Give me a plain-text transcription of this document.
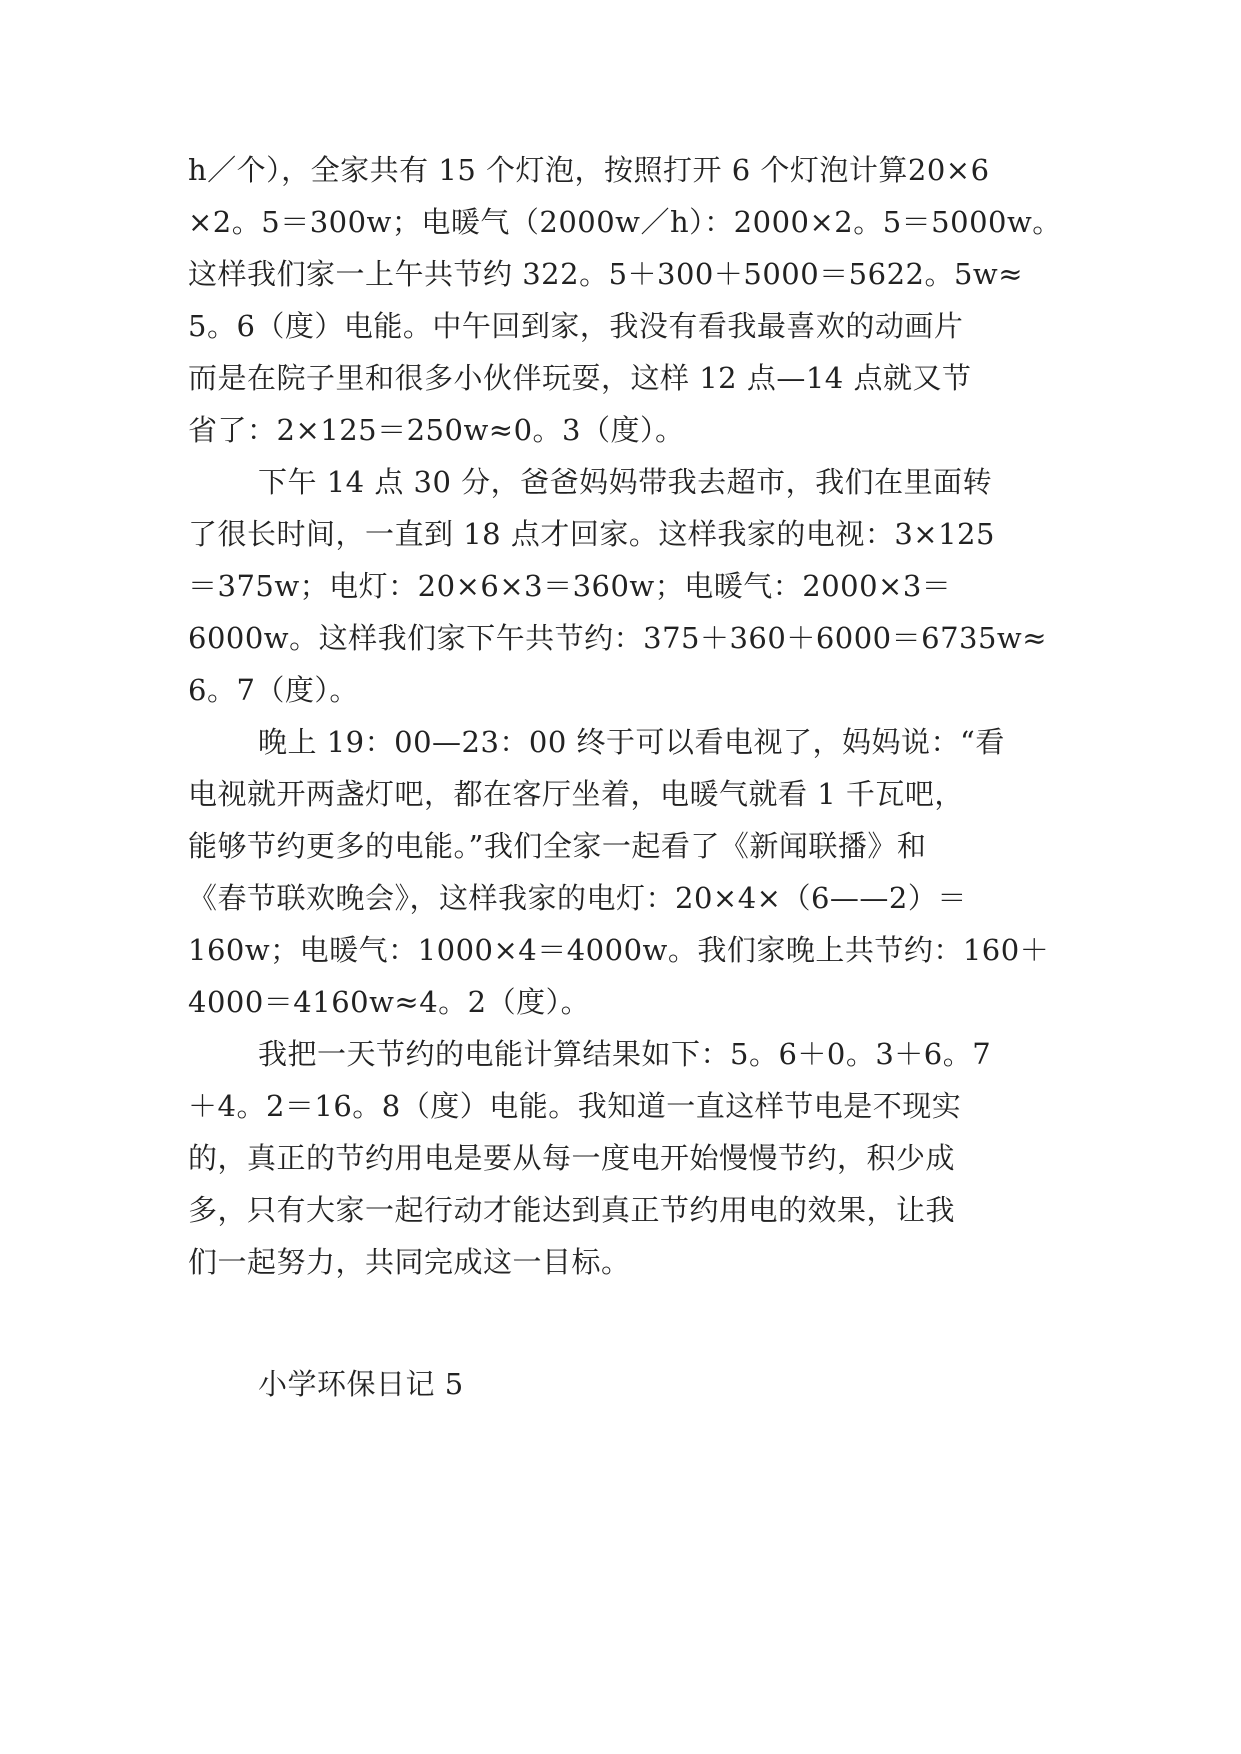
h／个），全家共有 15 个灯泡，按照打开 6 个灯泡计算20×6
×2。5＝300w；电暖气（2000w／h）：2000×2。5＝5000w。
这样我们家一上午共节约 322。5＋300＋5000＝5622。5w≈
5。6（度）电能。中午回到家，我没有看我最喜欢的动画片
而是在院子里和很多小伙伴玩耍，这样 12 点—14 点就又节
省了：2×125＝250w≈0。3（度）。
下午 14 点 30 分，爸爸妈妈带我去超市，我们在里面转
了很长时间，一直到 18 点才回家。这样我家的电视：3×125
＝375w；电灯：20×6×3＝360w；电暖气：2000×3＝
6000w。这样我们家下午共节约：375＋360＋6000＝6735w≈
6。7（度）。
晚上 19：00—23：00 终于可以看电视了，妈妈说：“看
电视就开两盏灯吧，都在客厅坐着，电暖气就看 1 千瓦吧，
能够节约更多的电能。”我们全家一起看了《新闻联播》和
《春节联欢晚会》，这样我家的电灯：20×4×（6——2）＝
160w；电暖气：1000×4＝4000w。我们家晚上共节约：160＋
4000＝4160w≈4。2（度）。
我把一天节约的电能计算结果如下：5。6＋0。3＋6。7
＋4。2＝16。8（度）电能。我知道一直这样节电是不现实
的，真正的节约用电是要从每一度电开始慢慢节约，积少成
多，只有大家一起行动才能达到真正节约用电的效果，让我
们一起努力，共同完成这一目标。
小学环保日记 5
